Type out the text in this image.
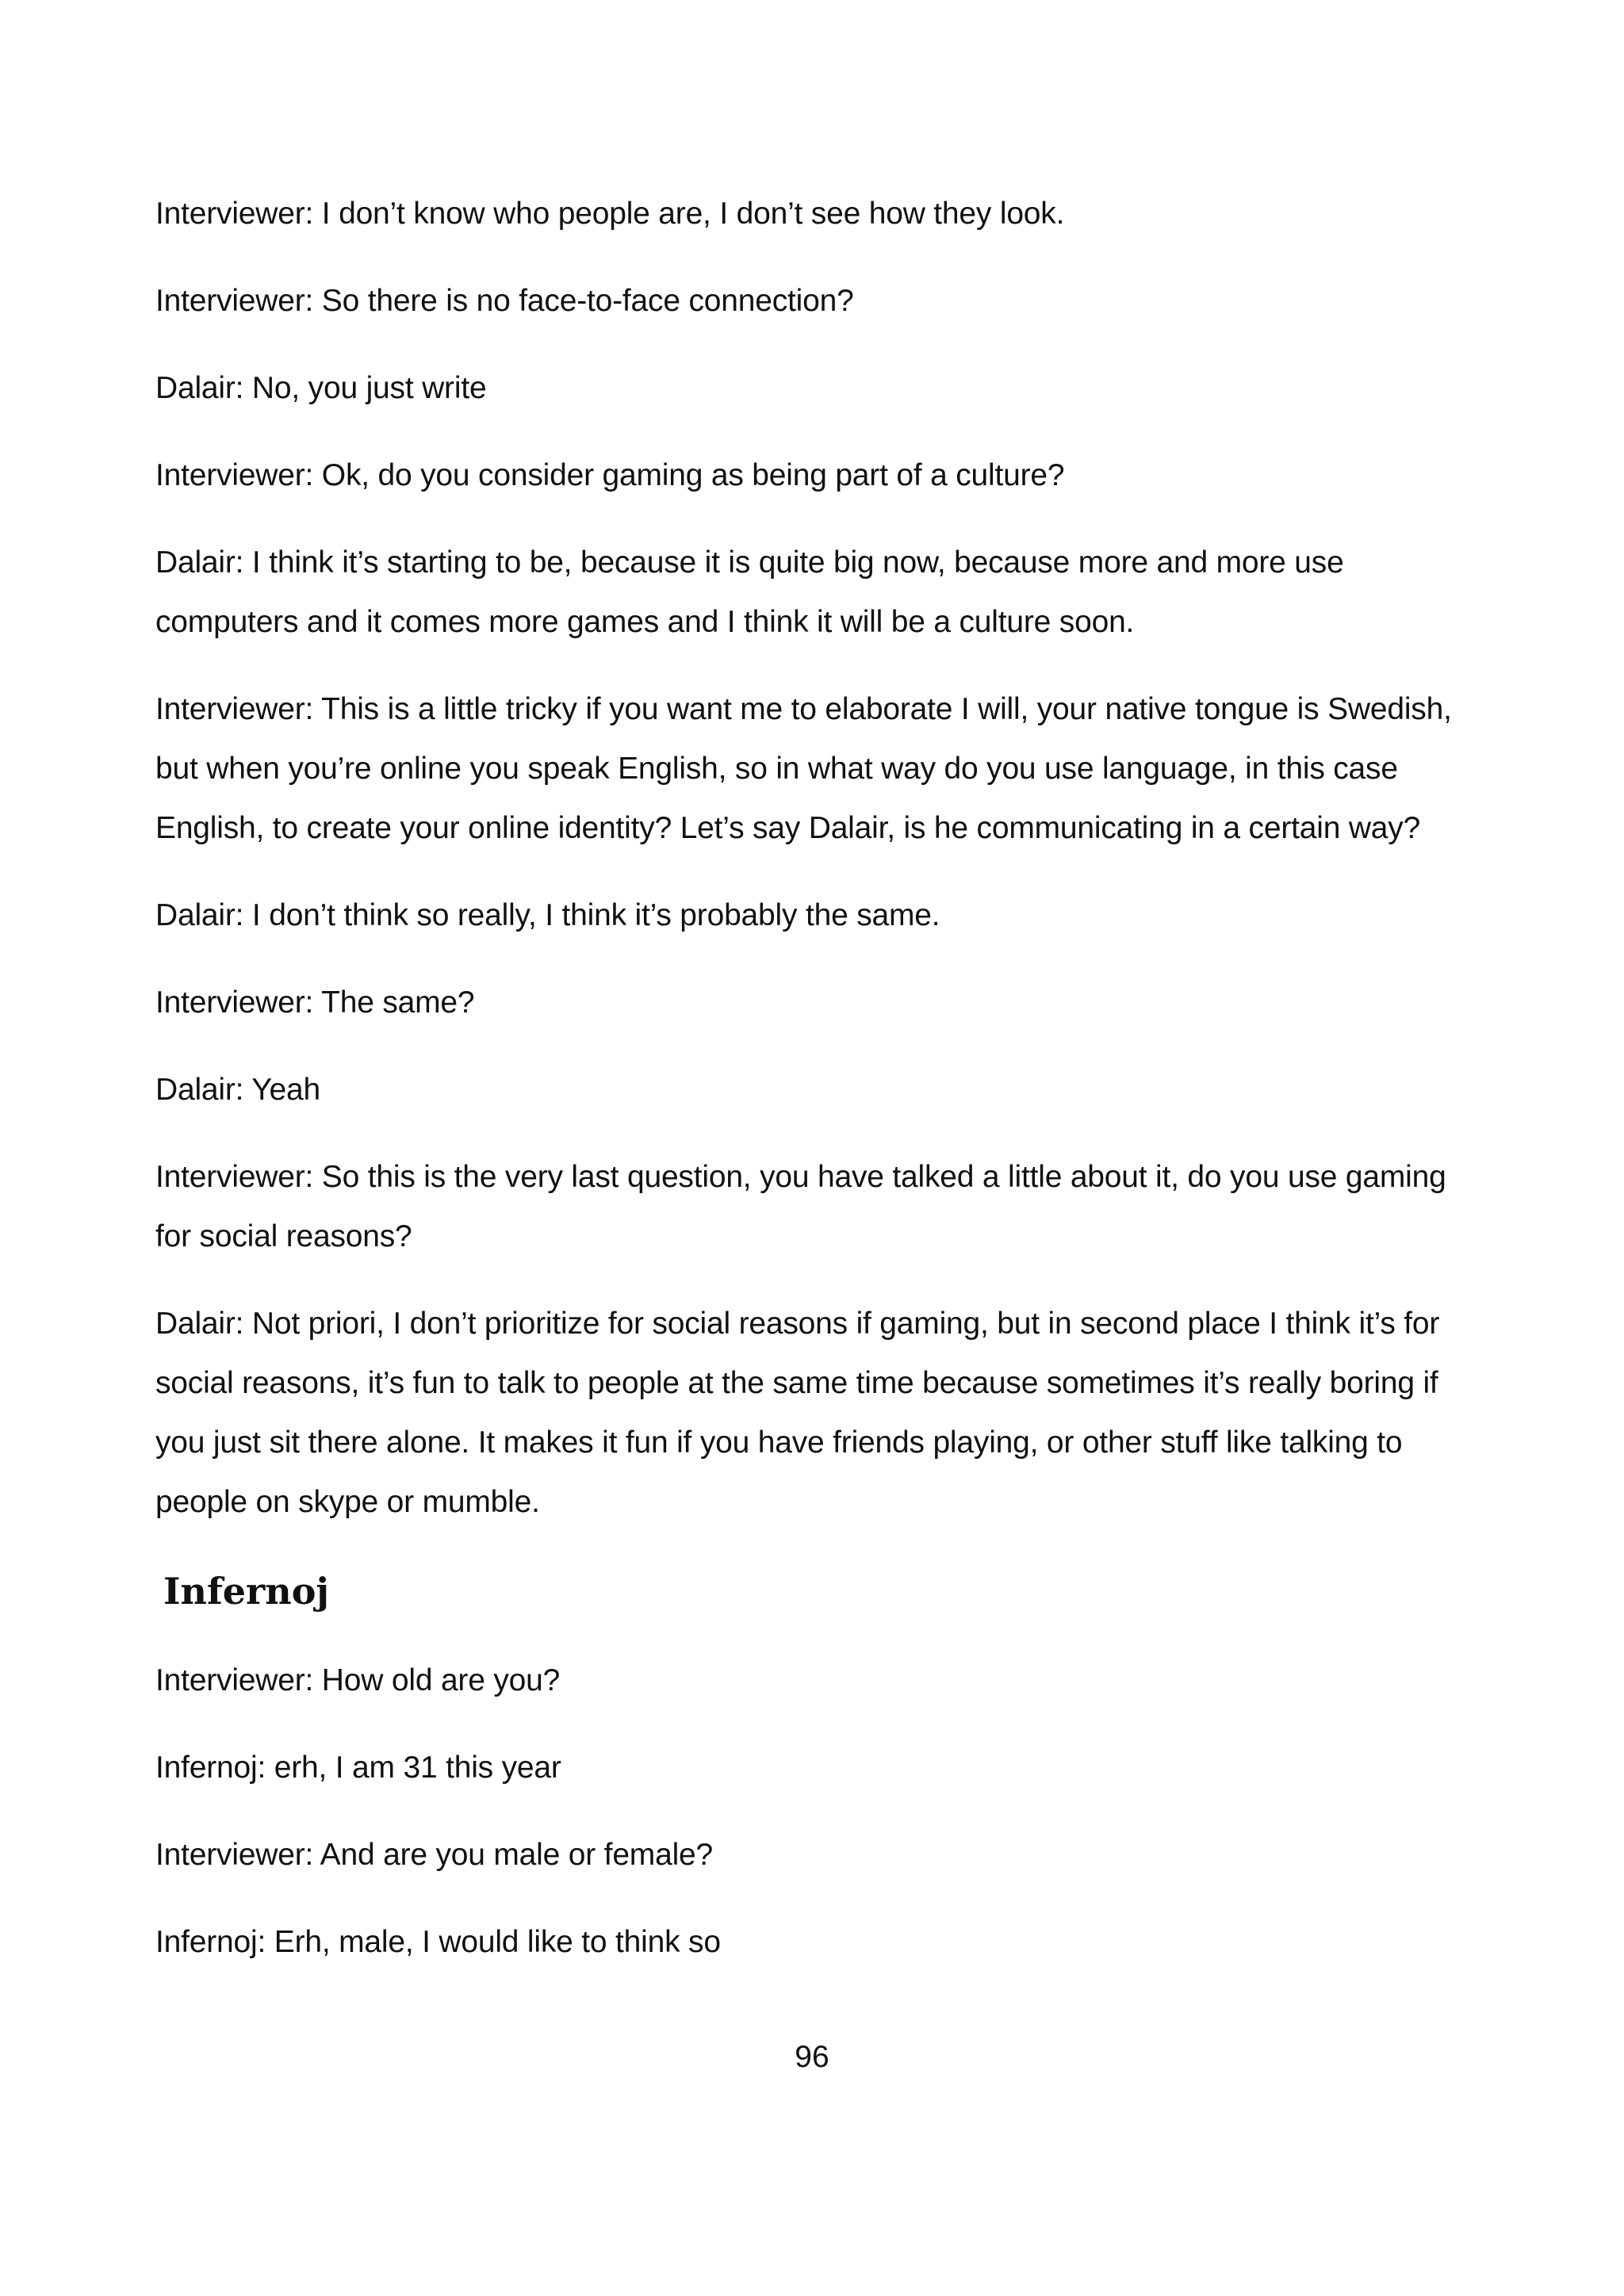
Interviewer: I don’t know who people are, I don’t see how they look.

Interviewer: So there is no face-to-face connection?

Dalair: No, you just write

Interviewer: Ok, do you consider gaming as being part of a culture?

Dalair: I think it’s starting to be, because it is quite big now, because more and more use computers and it comes more games and I think it will be a culture soon.

Interviewer: This is a little tricky if you want me to elaborate I will, your native tongue is Swedish, but when you’re online you speak English, so in what way do you use language, in this case English, to create your online identity? Let’s say Dalair, is he communicating in a certain way?

Dalair: I don’t think so really, I think it’s probably the same.

Interviewer: The same?

Dalair: Yeah

Interviewer: So this is the very last question, you have talked a little about it, do you use gaming for social reasons?

Dalair: Not priori, I don’t prioritize for social reasons if gaming, but in second place I think it’s for social reasons, it’s fun to talk to people at the same time because sometimes it’s really boring if you just sit there alone. It makes it fun if you have friends playing, or other stuff like talking to people on skype or mumble.

Infernoj

Interviewer: How old are you?

Infernoj: erh, I am 31 this year

Interviewer: And are you male or female?

Infernoj: Erh, male, I would like to think so

96
